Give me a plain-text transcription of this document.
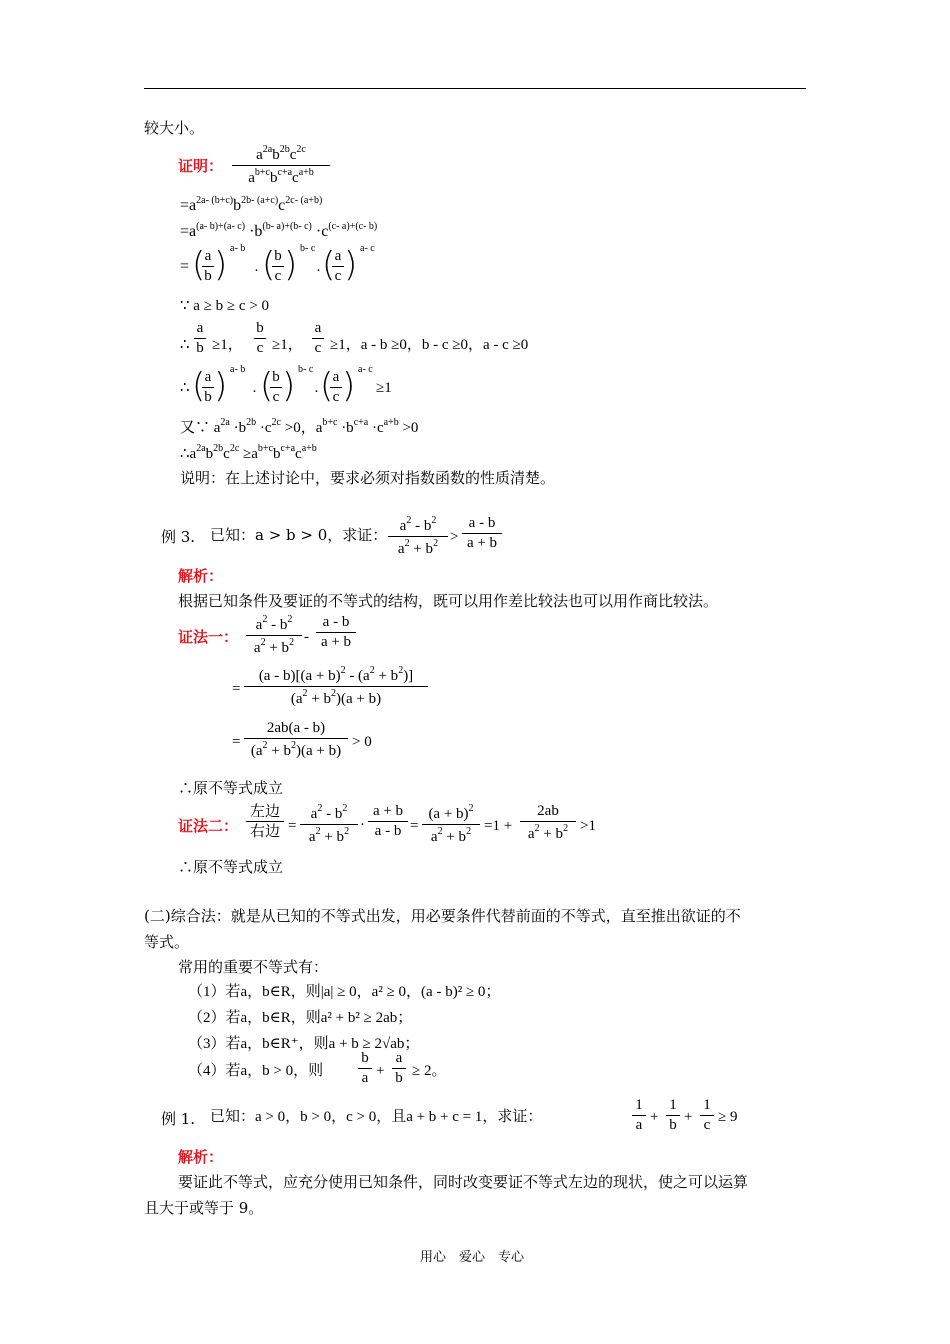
较大小。
证明：
$a^{2a}b^{2b}c^{2c}$
$a^{b+c}b^{c+a}c^{a+b}$
$=a^{2a- (b+c)}b^{2b- (a+c)}c^{2c- (a+b)}$
$=a^{(a- b)+(a- c)} \cdot b^{(b- a)+(b- c)} \cdot c^{(c- a)+(c- b)}$
= ( a
b ) a- b
· (
b
c ) b- c
· ( a
c ) a- c
∵ a ≥ b ≥ c > 0
∴
a
b ≥1，
b
c ≥1，
a
c ≥1，a - b ≥0，b - c ≥0，a - c ≥0
∴ ( a
b ) a- b
· (
b
c ) b- c
· ( a
c ) a- c
≥1
又∵ $a^{2a} \cdot b^{2b} \cdot c^{2c} >0$，$a^{b+c} \cdot b^{c+a} \cdot c^{a+b} >0$
$\therefore a^{2a}b^{2b}c^{2c} \ge a^{b+c}b^{c+a}c^{a+b}$
说明：在上述讨论中，要求必须对指数函数的性质清楚。
例 3. 已知：a > b > 0，求证： $a^2 - b^2$
$a^2 + b^2$ >
a - b
a + b
解析：
根据已知条件及要证的不等式的结构，既可以用作差比较法也可以用作商比较法。
证法一：
$a^2 - b^2$
$a^2 + b^2$ -
a - b
a + b
=
$(a - b)[(a + b)^2 - (a^2 + b^2)]$
$(a^2 + b^2)(a + b)$
=
2ab(a - b)
$(a^2 + b^2)(a + b)$
> 0
∴原不等式成立
证法二：
左边
右边 =
$a^2 - b^2$
$a^2 + b^2$ ·
a + b
a - b =
$(a + b)^2$
$a^2 + b^2 =1$ +
2ab
$a^2 + b^2 >1$
∴原不等式成立
(二)综合法：就是从已知的不等式出发，用必要条件代替前面的不等式，直至推出欲证的不
等式。
常用的重要不等式有：
（1）若a，b∈R，则|a| ≥ 0，a² ≥ 0，(a - b)² ≥ 0；
（2）若a，b∈R，则a² + b² ≥ 2ab；
（3）若a，b∈R⁺，则a + b ≥ 2√ab；
（4）若a，b > 0，则
b
a +
a
b ≥ 2。
例 1. 已知：a > 0，b > 0，c > 0，且a + b + c = 1，求证：
1
a
+
1
b
+
1
c
≥ 9
解析：
要证此不等式，应充分使用已知条件，同时改变要证不等式左边的现状，使之可以运算
且大于或等于 9。
用心　爱心　专心
